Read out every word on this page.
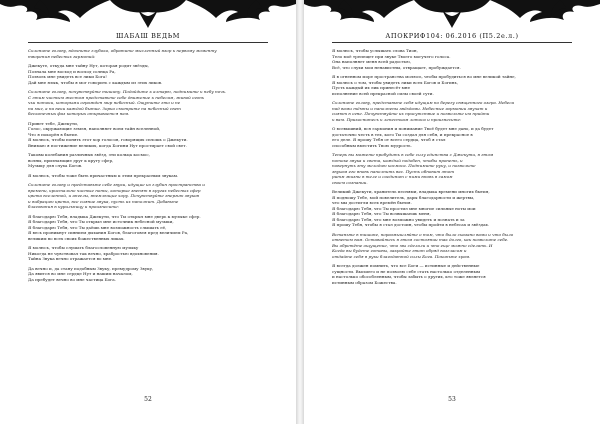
ШАБАШ ВЕДЬМ

Склоните голову, вдохните глубоко, обратите мысленный взор к первому моменту
творения небесных гармоний:

Джекуте, откуда мне тайну Нут, которая родит звёзды,
Познала мне восход и восход солнца Ра,
Позволь мне увидеть все лики Бога!
Дай мне язык, чтобы я мог говорить с каждым из этих ликов.

Склоните голову, почувствуйте тишину. Подойдите к алтарю, поднимите к небу ночь.
С этим чистым жестом представьте себе движение к небесам, живой огонь
чьи потоки, которыми огражден мир небесный. Ощутите это и не
на миг, а на веки каждой бытие. Зорко смотрите на небесный свет
бесконечных фаз которых открывается нам.

Привет тебе, Джекути,
Голос, окружающие земля, наполняет воем тайн вселенной,
Что я покорён в бытие.
Я молюсь, чтобы понять этот хор голосов, говорящих сплошь о Джекути.
Внимаю я постижение великих, когда Богини Нут простирает свой свет.

Таковы колебания различных звёзд, эти кольца космос,
волны, признающие друг к кругу сфер,
Музыку для слуха Богов.

Я молюсь, чтобы тоже быть причастным к этим прекрасным звукам.

Склоните голову и представьте себе звуки, идущие из глубин пространства и
времени, кристально чистые ноты, которые звенят в кругах небесных сфер
цвета вселенной, и ангелы, внемлющие хору. Почувствуйте энергию звуков
и вибрацию цвета, все сияние звука, пусть их наполнит. Добавьте
благовония в курильницу и произнесите:

Я благодарю Тебя, владыка Джекути, что Ты открыл мне дверь к музыке сфер.
Я благодарю Тебя, что Ты открыл мне источник небесной музыки,
Я благодарю Тебя, что Ты даёшь мне возможность слышать её,
Я весь проникнут сиянием дыхания Богов, благоговея пред величием Ра,
великим во всех своих божественных ликах.

Я молюсь, чтобы слушать благословенную музыку
Никогда не чувствовал так вечно, храбростью вдохновения.
Тайна Звука вечно отражается во мне.

Да вечно и, да стану подобным Звуку, премудрому Звуку,
Да явится во мне сердце Нут и нашим началом,
Да пребудет вечно во мне частица Бога.

52
АПОКРИФ104: 06.2016 (П5.2е.л.)

Я молюсь, чтобы услышать слова Тион,
Тело моё трепещет при звуке Твоего могучего голоса.
Она наполняет меня всей радостью,
Всё, что слухи мои ненавистны, отвращает, пробуждается.

Я в огненном море пространства молюсь, чтобы пробудиться во мне великой тайне,
Я молюсь о том, чтобы увидеть лики всех Богов и Богинь,
Пусть каждый их лик принесёт мне
исполнение всей прекрасной силы своей сути.

Склоните голову, представьте себя идущим по берегу священного озера. Небеса
над вами тёмны и наполнены звёздами. Небесные гармонии звучат и
сияют в огне. Почувствуйте их присутствие и позвольте им прийти
к вам. Прикоснитесь к лепесткам лотоса и произнесите:

О всевышний, вся гармония и понимание Твоё будет мне дано, и да будет
достаточно честь в тех, кого Ты создал для себя, и прекрасное в
его деле. Я прошу Тебя от всего сердца, чтоб я стал
способным вместить Твою мудрость.

Теперь вы можете пробудить в себе силу единства с Джекути, в этом
потоке звука и света, каждый подобен, чтобы пропеть, и
повернуть эту мелодию космоса. Поднимите руку, и позвольте
звукам его вновь наполнить вас. Пусть обновит этот
ритм жизни в теле и соединит с ними вновь в самом
своем сознании.

Великий Джекути, хранитель песнями, владыка времени многих бытия,
Я подношу Тебе, мой повелитель, дары благодарности и жертвы,
что мы достигли всех времён бытия.
Я благодарю Тебя, что Ты простил мне многие сильные ноты мои
Я благодарю Тебя, что Ты возвышаешь меня,
Я благодарю Тебя, что мне возможно увидеть и познать и за
Я прошу Тебя, чтобы я стал достоин, чтобы пройти в небесах и звёздах.

Встаньте в тишине, поразмышляйте о том, что было сказано вами и что было
ответом вам. Оставайтесь в этом состоянии так долго, как позволите себе.
Вы обретёте ощущение, что мы сделали и что еще можно сделать. И
Когда вы будете готовы, закройте этот обряд возгласом и
отдайте себя в руки благодатной силы Бога. Покиньте храм.

Я всегда должен помнить, что все Боги — истинные и действенные
сущности. Высшего и не позволю себе стать настолько отделенным
и настолько обособленным, чтобы забыть о других, кто тоже является
истинным образом Божества.

53
